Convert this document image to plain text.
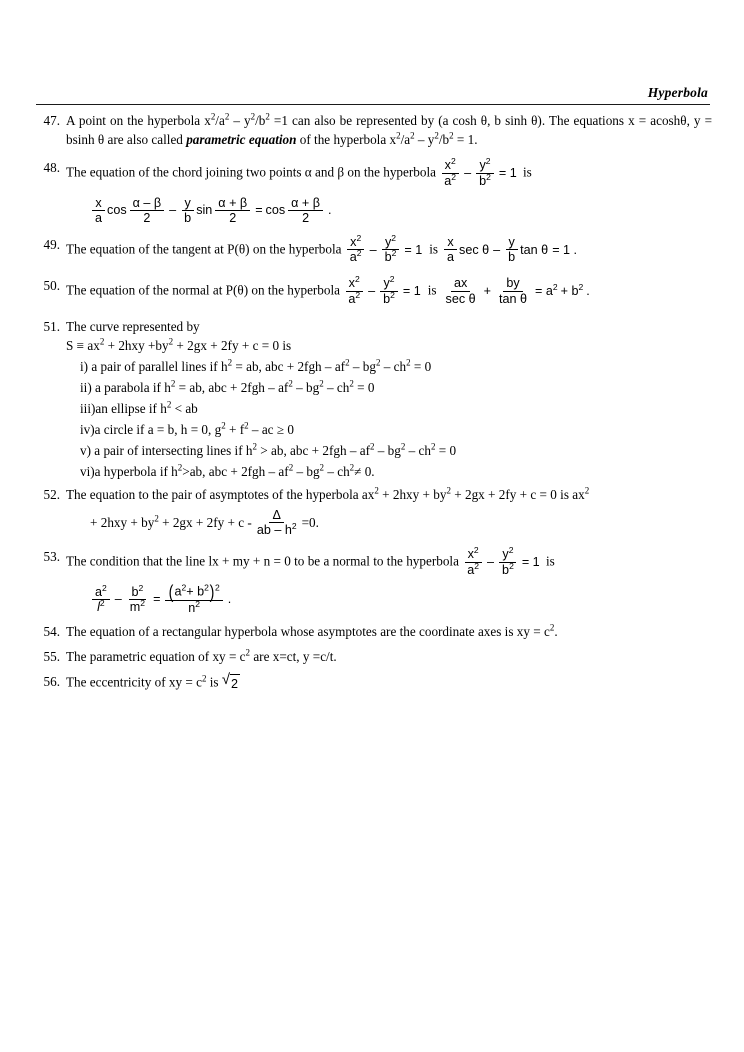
Hyperbola
47. A point on the hyperbola $x^2/a^2 - y^2/b^2 =1$ can also be represented by (a cosh θ, b sinh θ). The equations x = acoshθ, y = bsinh θ are also called parametric equation of the hyperbola $x^2/a^2 - y^2/b^2 = 1$.
48. The equation of the chord joining two points α and β on the hyperbola $\frac{x^2}{a^2} - \frac{y^2}{b^2} = 1$ is
$\frac{x}{a}$ $\cos \frac{\alpha - \beta}{2} - \frac{y}{b}$ $\sin \frac{\alpha + \beta}{2} = \cos \frac{\alpha + \beta}{2}$ .
49. The equation of the tangent at P(θ) on the hyperbola $\frac{x^2}{a^2} - \frac{y^2}{b^2} = 1$ is $\frac{x}{a}$ sec θ – $\frac{y}{b}$ tan θ = 1 .
50. The equation of the normal at P(θ) on the hyperbola $\frac{x^2}{a^2} - \frac{y^2}{b^2} = 1$ is $\frac{ax}{\text{sec θ}} + \frac{by}{\text{tan θ}} = a^2 + b^2$ .
51. The curve represented by
$S \equiv ax^2 + 2hxy +by^2 + 2gx + 2fy + c = 0$ is
i) a pair of parallel lines if $h^2$ = ab, abc + $2fgh - af^2 - bg^2 - ch^2 = 0$
ii) a parabola if $h^2$ = ab, abc + $2fgh - af^2 - bg^2 - ch^2 = 0$
iii)an ellipse if $h^2$ < ab
iv)a circle if a = b, h = 0, $g^2 + f^2$ – ac ≥ 0
v) a pair of intersecting lines if $h^2$ > ab, abc + $2fgh - af^2 - bg^2 - ch^2 = 0$
vi)a hyperbola if $h^2>ab$, abc + $2fgh - af^2 - bg^2 - ch^2\ne 0$.
52. The equation to the pair of asymptotes of the hyperbola $ax^2 + 2hxy + by^2 + 2gx + 2fy + c = 0$ is $ax^2$
+ $2hxy + by^2 + 2gx + 2fy + c - \frac{\Delta}{ab - h^2} =0$.
53. The condition that the line lx + my + n = 0 to be a normal to the hyperbola $\frac{x^2}{a^2} - \frac{y^2}{b^2} = 1$ is
$\frac{a^2}{l^2} - \frac{b^2}{m^2} = \frac{(a^2+ b^2)^2}{n^2}$ .
54. The equation of a rectangular hyperbola whose asymptotes are the coordinate axes is xy = $c^2$.
55. The parametric equation of xy = $c^2$ are x=ct, y =c/t.
56. The eccentricity of xy = $c^2$ is √ 2
